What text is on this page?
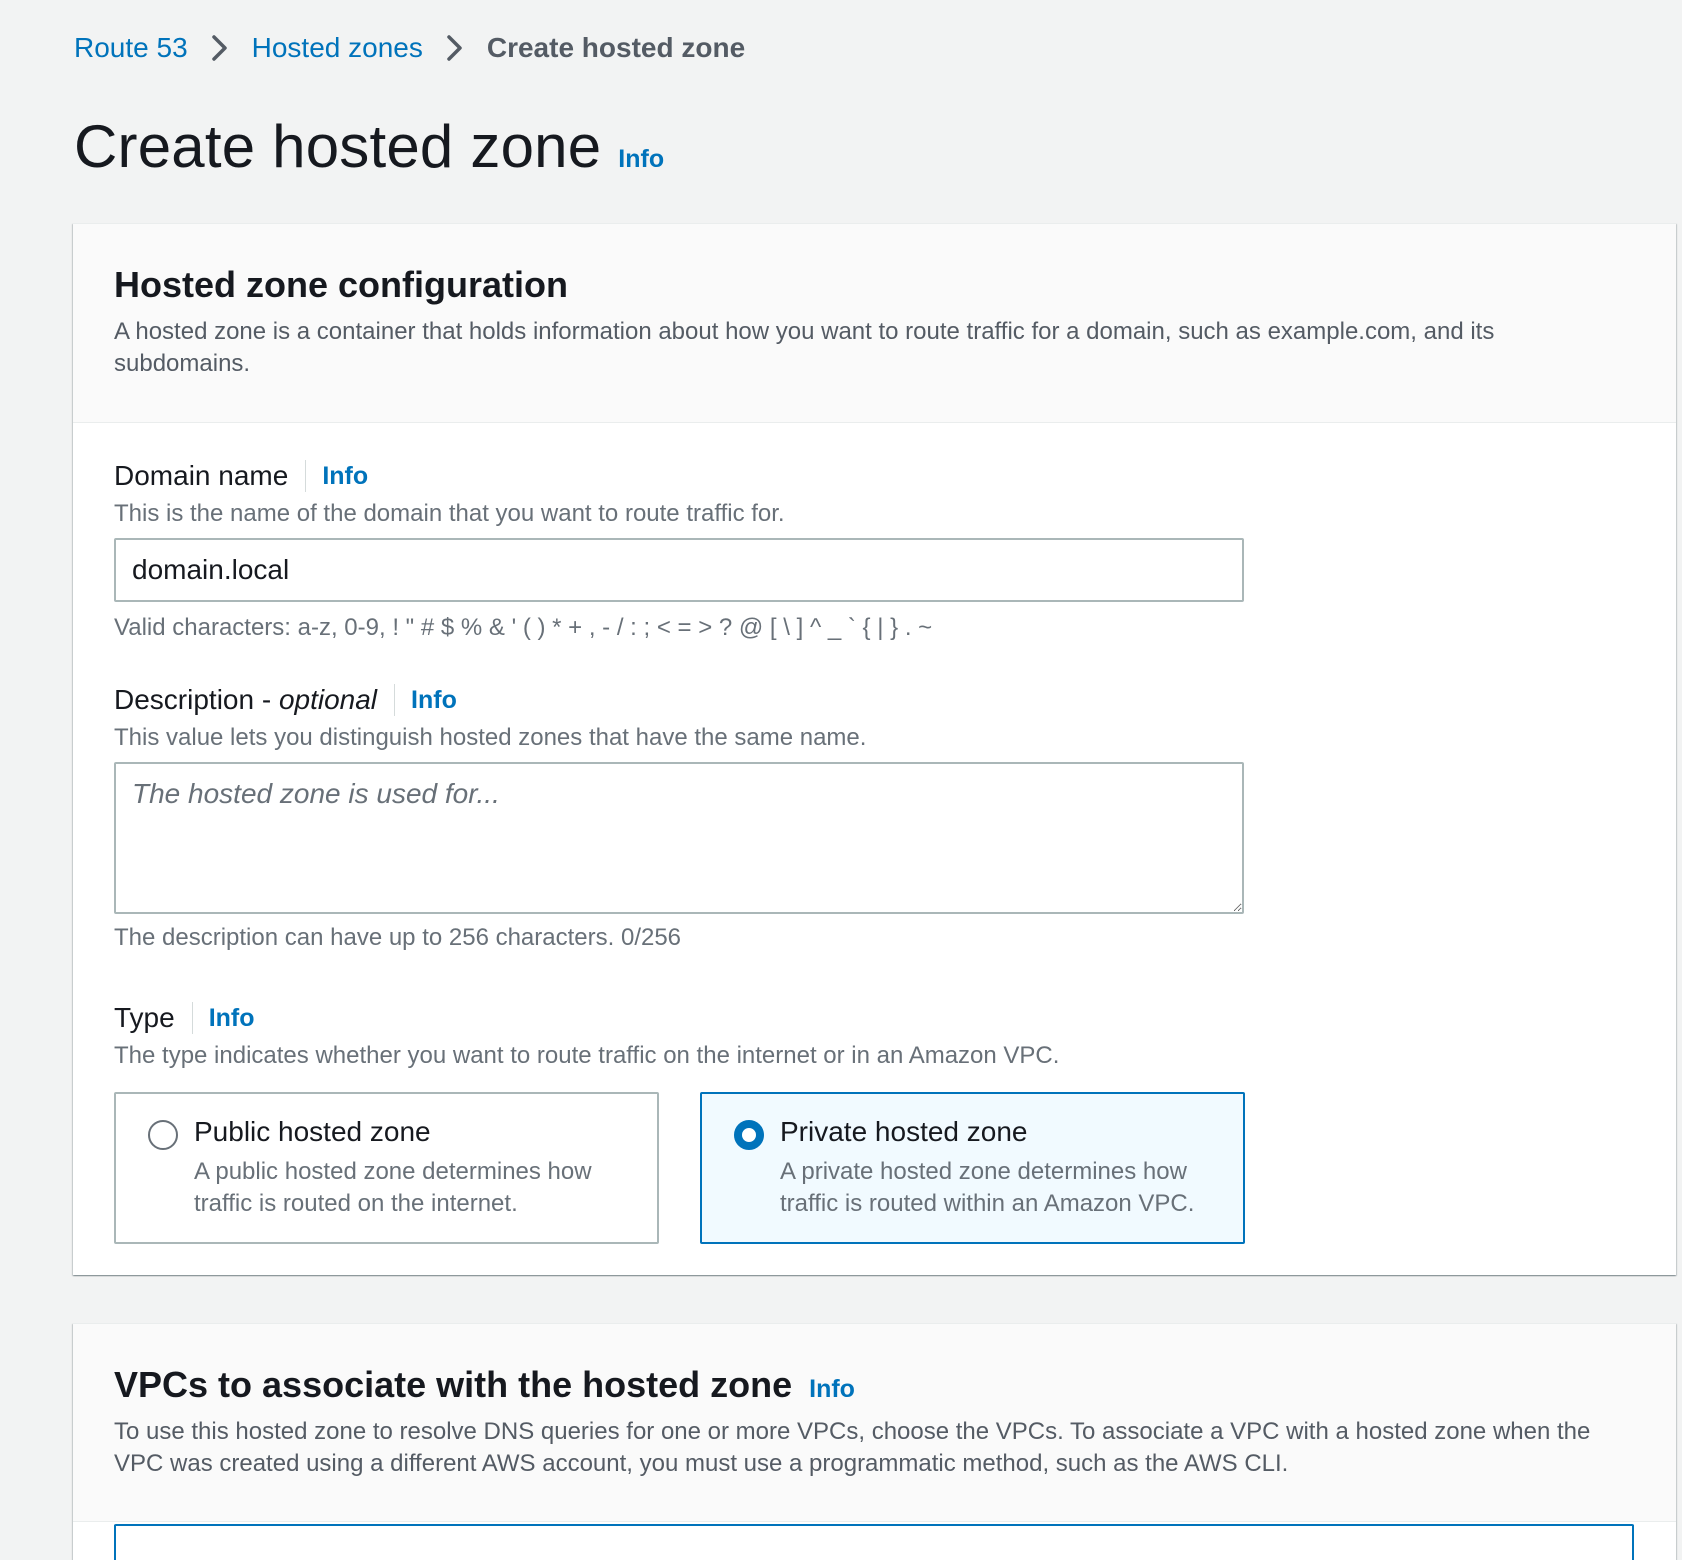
Route 53 Hosted zones Create hosted zone
Create hosted zone Info
Hosted zone configuration

A hosted zone is a container that holds information about how you want to route traffic for a domain, such as example.com, and its subdomains.

Domain name Info

This is the name of the domain that you want to route traffic for.

domain.local

Valid characters: a-z, 0-9, ! " # $ % & ' ( ) * + , - / : ; < = > ? @ [ \ ] ^ _ ` { | } . ~

Description - optional Info

This value lets you distinguish hosted zones that have the same name.

The hosted zone is used for...

The description can have up to 256 characters. 0/256

Type Info

The type indicates whether you want to route traffic on the internet or in an Amazon VPC.

Public hosted zone
A public hosted zone determines how traffic is routed on the internet.
Private hosted zone
A private hosted zone determines how traffic is routed within an Amazon VPC.
VPCs to associate with the hosted zone Info

To use this hosted zone to resolve DNS queries for one or more VPCs, choose the VPCs. To associate a VPC with a hosted zone when the VPC was created using a different AWS account, you must use a programmatic method, such as the AWS CLI.
